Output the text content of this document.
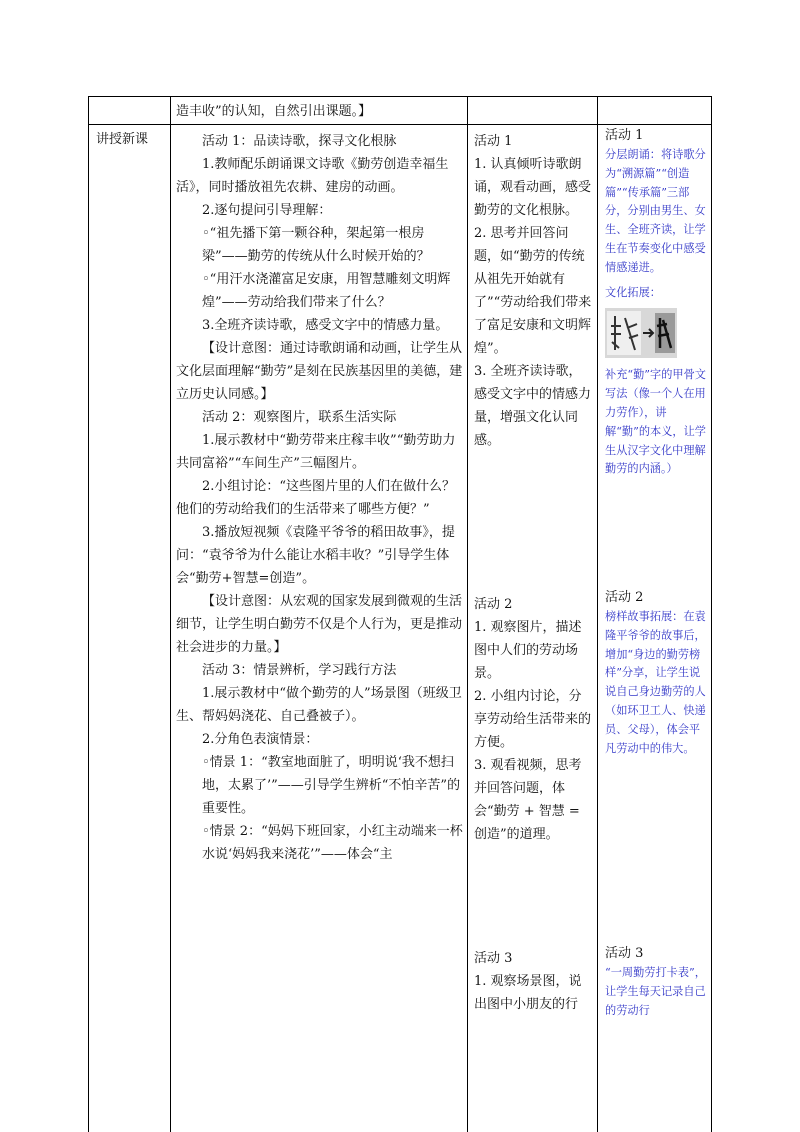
造丰收”的认知，自然引出课题。】
讲授新课	活动 1：品读诗歌，探寻文化根脉

1.教师配乐朗诵课文诗歌《勤劳创造幸福生活》，同时播放祖先农耕、建房的动画。

2.逐句提问引导理解：

◦ “祖先播下第一颗谷种，架起第一根房梁”——勤劳的传统从什么时候开始的？

◦ “用汗水浇灌富足安康，用智慧雕刻文明辉煌”——劳动给我们带来了什么？

3.全班齐读诗歌，感受文字中的情感力量。

【设计意图：通过诗歌朗诵和动画，让学生从文化层面理解“勤劳”是刻在民族基因里的美德，建立历史认同感。】

活动 2：观察图片，联系生活实际

1.展示教材中“勤劳带来庄稼丰收”“勤劳助力共同富裕”“车间生产”三幅图片。

2.小组讨论：“这些图片里的人们在做什么？他们的劳动给我们的生活带来了哪些方便？”

3.播放短视频《袁隆平爷爷的稻田故事》，提问：“袁爷爷为什么能让水稻丰收？”引导学生体会“勤劳+智慧=创造”。

【设计意图：从宏观的国家发展到微观的生活细节，让学生明白勤劳不仅是个人行为，更是推动社会进步的力量。】

活动 3：情景辨析，学习践行方法

1.展示教材中“做个勤劳的人”场景图（班级卫生、帮妈妈浇花、自己叠被子）。

2.分角色表演情景：

◦ 情景 1：“教室地面脏了，明明说‘我不想扫地，太累了’”——引导学生辨析“不怕辛苦”的重要性。

◦ 情景 2：“妈妈下班回家，小红主动端来一杯水说‘妈妈我来浇花’”——体会“主

活动 1

1. 认真倾听诗歌朗诵，观看动画，感受勤劳的文化根脉。

2. 思考并回答问题，如“勤劳的传统从祖先开始就有了”“劳动给我们带来了富足安康和文明辉煌”。

3. 全班齐读诗歌，感受文字中的情感力量，增强文化认同感。

活动 2

1. 观察图片，描述图中人们的劳动场景。

2. 小组内讨论，分享劳动给生活带来的方便。

3. 观看视频，思考并回答问题，体会“勤劳 + 智慧 = 创造”的道理。

活动 3

1. 观察场景图，说出图中小朋友的行

活动 1

分层朗诵：将诗歌分为“溯源篇”“创造篇”“传承篇”三部分，分别由男生、女生、全班齐读，让学生在节奏变化中感受情感递进。

文化拓展：

补充“勤”字的甲骨文写法（像一个人在用力劳作），讲解“勤”的本义，让学生从汉字文化中理解勤劳的内涵。）

活动 2

榜样故事拓展：在袁隆平爷爷的故事后，增加“身边的勤劳榜样”分享，让学生说说自己身边勤劳的人（如环卫工人、快递员、父母），体会平凡劳动中的伟大。

活动 3

“一周勤劳打卡表”，让学生每天记录自己的劳动行
